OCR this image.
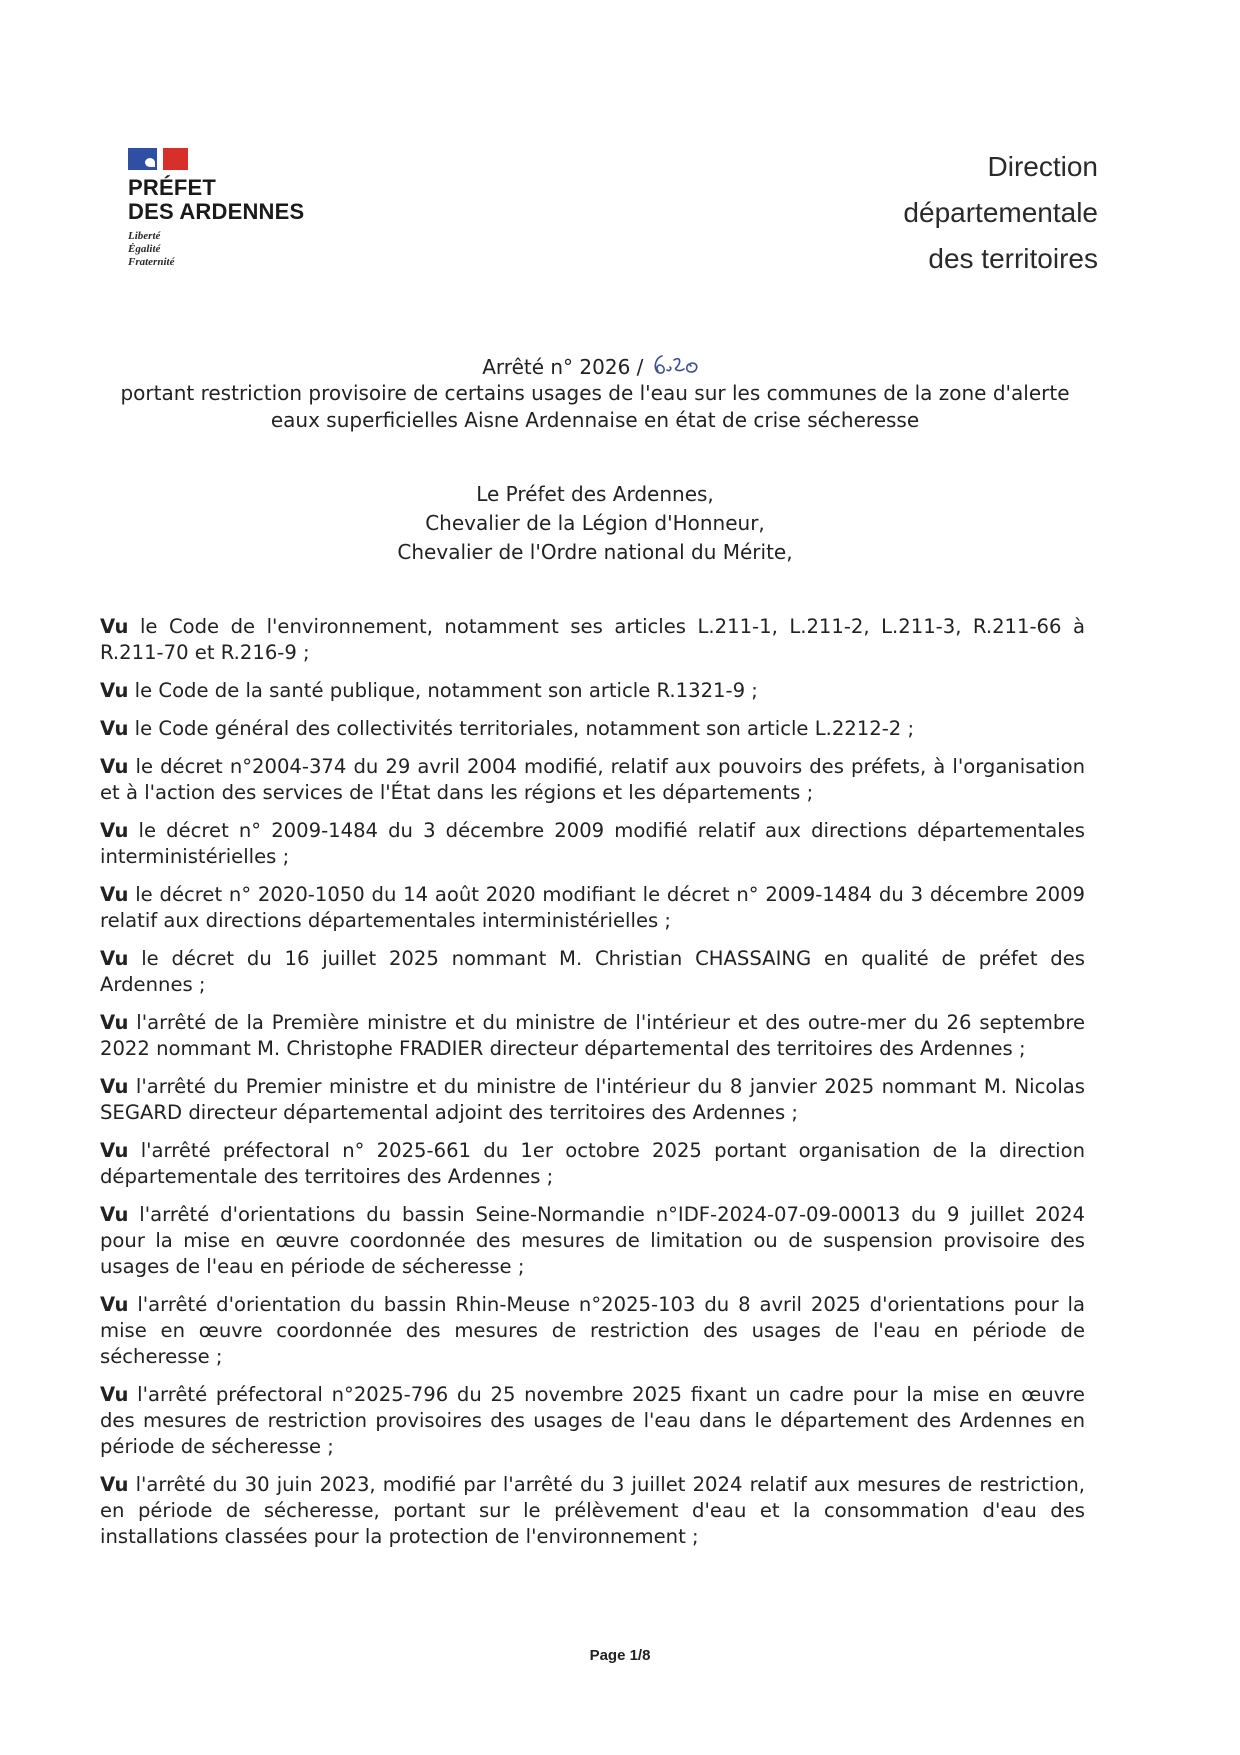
PRÉFET
DES ARDENNES
Liberté
Égalité
Fraternité
Direction
départementale
des territoires
Arrêté n° 2026 /
portant restriction provisoire de certains usages de l'eau sur les communes de la zone d'alerte
eaux superficielles Aisne Ardennaise en état de crise sécheresse
Le Préfet des Ardennes,
Chevalier de la Légion d'Honneur,
Chevalier de l'Ordre national du Mérite,

Vu le Code de l'environnement, notamment ses articles L.211-1, L.211-2, L.211-3, R.211-66 à R.211-70 et R.216-9 ;

Vu le Code de la santé publique, notamment son article R.1321-9 ;

Vu le Code général des collectivités territoriales, notamment son article L.2212-2 ;

Vu le décret n°2004-374 du 29 avril 2004 modifié, relatif aux pouvoirs des préfets, à l'organisation et à l'action des services de l'État dans les régions et les départements ;

Vu le décret n° 2009-1484 du 3 décembre 2009 modifié relatif aux directions départementales interministérielles ;

Vu le décret n° 2020-1050 du 14 août 2020 modifiant le décret n° 2009-1484 du 3 décembre 2009 relatif aux directions départementales interministérielles ;

Vu le décret du 16 juillet 2025 nommant M. Christian CHASSAING en qualité de préfet des Ardennes ;

Vu l'arrêté de la Première ministre et du ministre de l'intérieur et des outre-mer du 26 septembre 2022 nommant M. Christophe FRADIER directeur départemental des territoires des Ardennes ;

Vu l'arrêté du Premier ministre et du ministre de l'intérieur du 8 janvier 2025 nommant M. Nicolas SEGARD directeur départemental adjoint des territoires des Ardennes ;

Vu l'arrêté préfectoral n° 2025-661 du 1er octobre 2025 portant organisation de la direction départementale des territoires des Ardennes ;

Vu l'arrêté d'orientations du bassin Seine-Normandie n°IDF-2024-07-09-00013 du 9 juillet 2024 pour la mise en œuvre coordonnée des mesures de limitation ou de suspension provisoire des usages de l'eau en période de sécheresse ;

Vu l'arrêté d'orientation du bassin Rhin-Meuse n°2025-103 du 8 avril 2025 d'orientations pour la mise en œuvre coordonnée des mesures de restriction des usages de l'eau en période de sécheresse ;

Vu l'arrêté préfectoral n°2025-796 du 25 novembre 2025 fixant un cadre pour la mise en œuvre des mesures de restriction provisoires des usages de l'eau dans le département des Ardennes en période de sécheresse ;

Vu l'arrêté du 30 juin 2023, modifié par l'arrêté du 3 juillet 2024 relatif aux mesures de restriction, en période de sécheresse, portant sur le prélèvement d'eau et la consommation d'eau des installations classées pour la protection de l'environnement ;

Page 1/8
